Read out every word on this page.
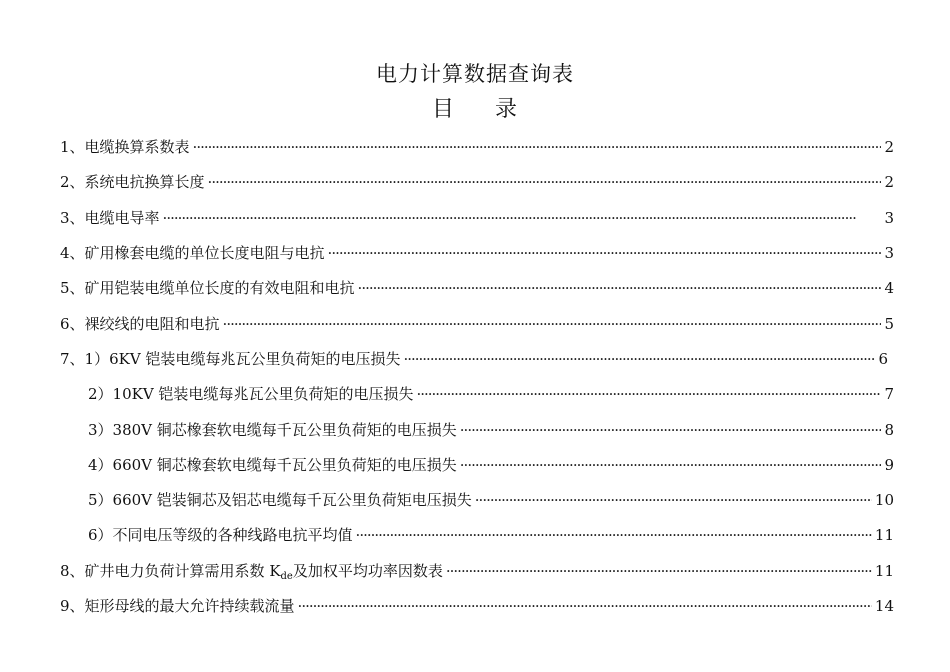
电力计算数据查询表
目 录
1、电缆换算系数表 ·····	2
2、系统电抗换算长度 ·····	2
3、电缆电导率 ·····	3
4、矿用橡套电缆的单位长度电阻与电抗 ·····	3
5、矿用铠装电缆单位长度的有效电阻和电抗 ·····	4
6、裸绞线的电阻和电抗 ·····	5
7、1）6KV 铠装电缆每兆瓦公里负荷矩的电压损失 ·····	6
2）10KV 铠装电缆每兆瓦公里负荷矩的电压损失 ·····	7
3）380V 铜芯橡套软电缆每千瓦公里负荷矩的电压损失 ·····	8
4）660V 铜芯橡套软电缆每千瓦公里负荷矩的电压损失 ·····	9
5）660V 铠装铜芯及铝芯电缆每千瓦公里负荷矩电压损失 ·····	10
6）不同电压等级的各种线路电抗平均值 ·····	11
8、矿井电力负荷计算需用系数 $K_{de}$及加权平均功率因数表 ·····	11
9、矩形母线的最大允许持续载流量 ·····	14
